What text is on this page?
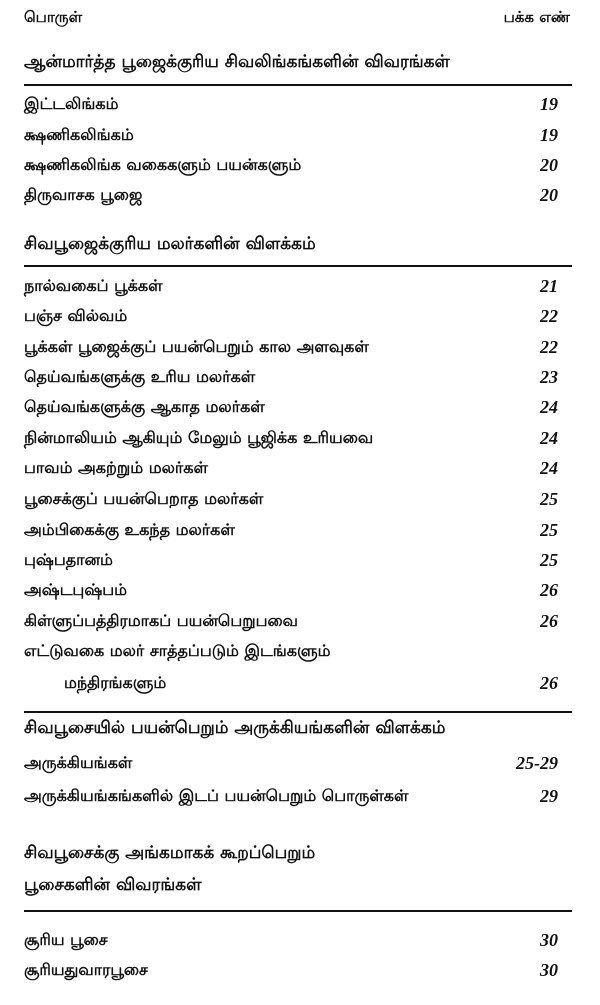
பொருள்	பக்க எண்
ஆன்மார்த்த பூஜைக்குரிய சிவலிங்கங்களின் விவரங்கள்
இட்டலிங்கம்	19
க்ஷணிகலிங்கம்	19
க்ஷணிகலிங்க வகைகளும் பயன்களும்	20
திருவாசக பூஜை	20
சிவபூஜைக்குரிய மலர்களின் விளக்கம்
நால்வகைப் பூக்கள்	21
பஞ்ச வில்வம்	22
பூக்கள் பூஜைக்குப் பயன்பெறும் கால அளவுகள்	22
தெய்வங்களுக்கு உரிய மலர்கள்	23
தெய்வங்களுக்கு ஆகாத மலர்கள்	24
நின்மாலியம் ஆகியும் மேலும் பூஜிக்க உரியவை	24
பாவம் அகற்றும் மலர்கள்	24
பூசைக்குப் பயன்பெறாத மலர்கள்	25
அம்பிகைக்கு உகந்த மலர்கள்	25
புஷ்பதானம்	25
அஷ்டபுஷ்பம்	26
கிள்ளுப்பத்திரமாகப் பயன்பெறுபவை	26
எட்டுவகை மலர் சாத்தப்படும் இடங்களும்
மந்திரங்களும்	26
சிவபூசையில் பயன்பெறும் அருக்கியங்களின் விளக்கம்
அருக்கியங்கள்	25-29
அருக்கியங்கங்களில் இடப் பயன்பெறும் பொருள்கள்	29
சிவபூசைக்கு அங்கமாகக் கூறப்பெறும்
பூசைகளின் விவரங்கள்
சூரிய பூசை	30
சூரியதுவாரபூசை	30
